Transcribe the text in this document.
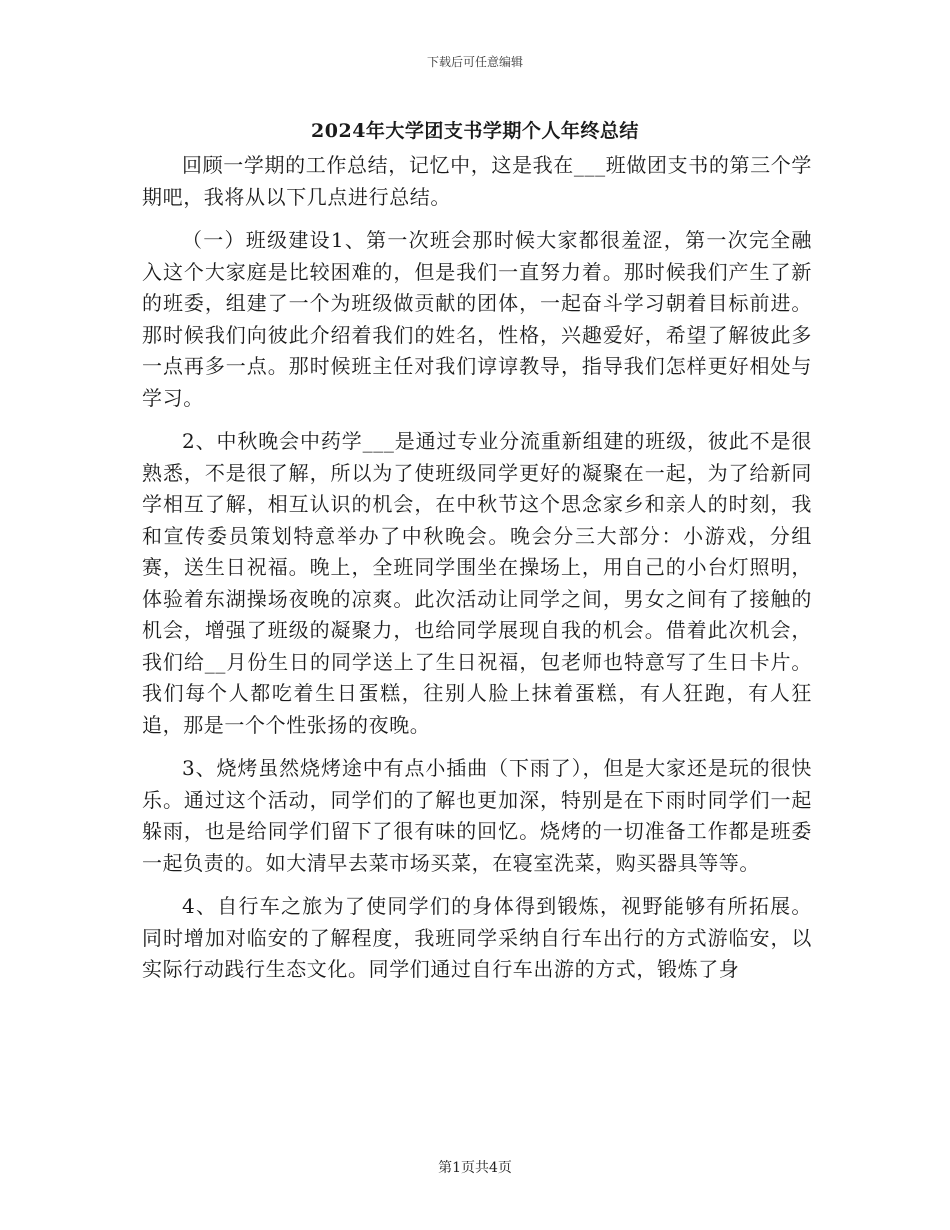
下载后可任意编辑
2024年大学团支书学期个人年终总结

回顾一学期的工作总结，记忆中，这是我在___班做团支书的第三个学期吧，我将从以下几点进行总结。

（一）班级建设1、第一次班会那时候大家都很羞涩，第一次完全融入这个大家庭是比较困难的，但是我们一直努力着。那时候我们产生了新的班委，组建了一个为班级做贡献的团体，一起奋斗学习朝着目标前进。那时候我们向彼此介绍着我们的姓名，性格，兴趣爱好，希望了解彼此多一点再多一点。那时候班主任对我们谆谆教导，指导我们怎样更好相处与学习。

2、中秋晚会中药学___是通过专业分流重新组建的班级，彼此不是很熟悉，不是很了解，所以为了使班级同学更好的凝聚在一起，为了给新同学相互了解，相互认识的机会，在中秋节这个思念家乡和亲人的时刻，我和宣传委员策划特意举办了中秋晚会。晚会分三大部分：小游戏，分组赛，送生日祝福。晚上，全班同学围坐在操场上，用自己的小台灯照明，体验着东湖操场夜晚的凉爽。此次活动让同学之间，男女之间有了接触的机会，增强了班级的凝聚力，也给同学展现自我的机会。借着此次机会，我们给__月份生日的同学送上了生日祝福，包老师也特意写了生日卡片。我们每个人都吃着生日蛋糕，往别人脸上抹着蛋糕，有人狂跑，有人狂追，那是一个个性张扬的夜晚。

3、烧烤虽然烧烤途中有点小插曲（下雨了），但是大家还是玩的很快乐。通过这个活动，同学们的了解也更加深，特别是在下雨时同学们一起躲雨，也是给同学们留下了很有味的回忆。烧烤的一切准备工作都是班委一起负责的。如大清早去菜市场买菜，在寝室洗菜，购买器具等等。

4、自行车之旅为了使同学们的身体得到锻炼，视野能够有所拓展。同时增加对临安的了解程度，我班同学采纳自行车出行的方式游临安，以实际行动践行生态文化。同学们通过自行车出游的方式，锻炼了身

第1页共4页
